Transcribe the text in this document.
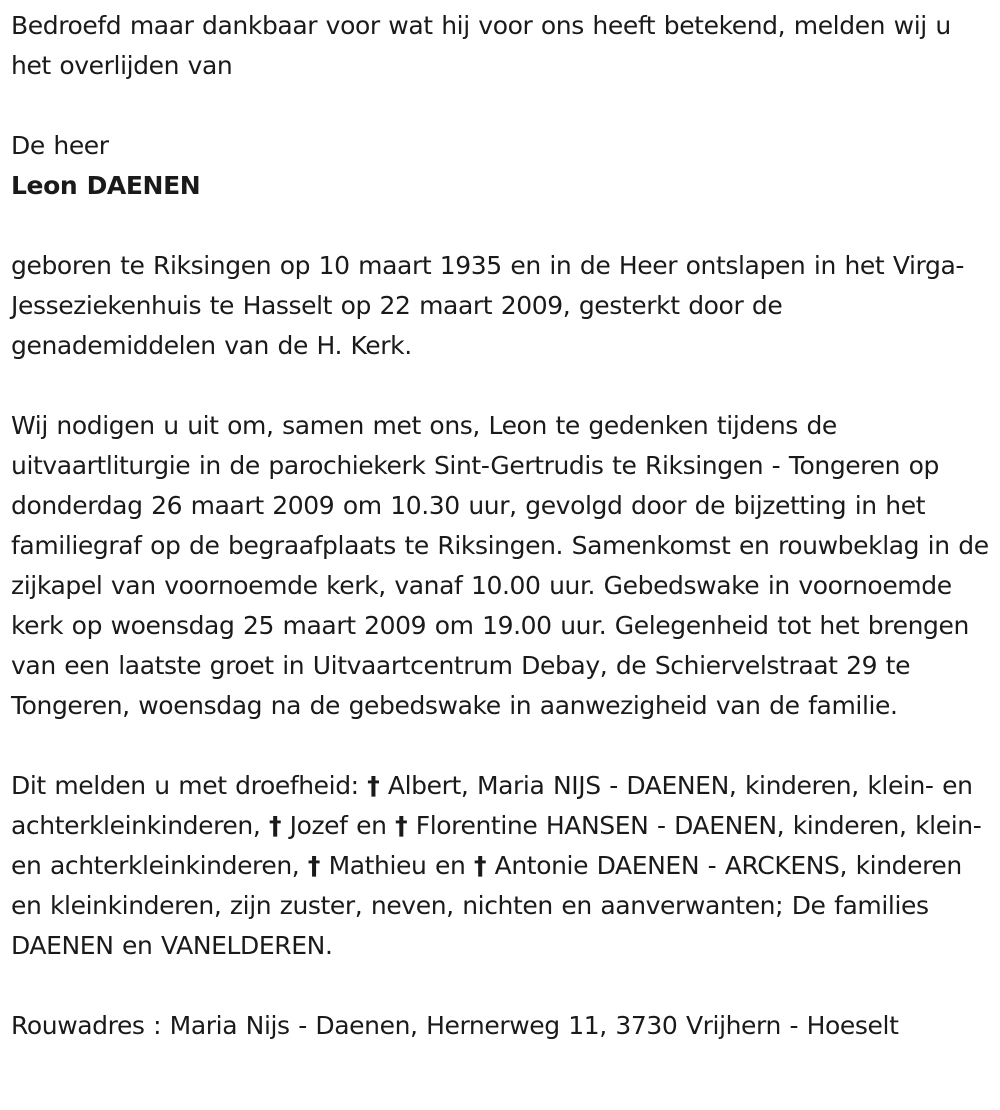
Bedroefd maar dankbaar voor wat hij voor ons heeft betekend, melden wij u het overlijden van

De heer

Leon DAENEN

geboren te Riksingen op 10 maart 1935 en in de Heer ontslapen in het Virga-Jesseziekenhuis te Hasselt op 22 maart 2009, gesterkt door de genademiddelen van de H. Kerk.

Wij nodigen u uit om, samen met ons, Leon te gedenken tijdens de uitvaartliturgie in de parochiekerk Sint-Gertrudis te Riksingen - Tongeren op donderdag 26 maart 2009 om 10.30 uur, gevolgd door de bijzetting in het familiegraf op de begraafplaats te Riksingen. Samenkomst en rouwbeklag in de zijkapel van voornoemde kerk, vanaf 10.00 uur. Gebedswake in voornoemde kerk op woensdag 25 maart 2009 om 19.00 uur. Gelegenheid tot het brengen van een laatste groet in Uitvaartcentrum Debay, de Schiervelstraat 29 te Tongeren, woensdag na de gebedswake in aanwezigheid van de familie.

Dit melden u met droefheid: † Albert, Maria NIJS - DAENEN, kinderen, klein- en achterkleinkinderen, † Jozef en † Florentine HANSEN - DAENEN, kinderen, klein- en achterkleinkinderen, † Mathieu en † Antonie DAENEN - ARCKENS, kinderen en kleinkinderen, zijn zuster, neven, nichten en aanverwanten; De families DAENEN en VANELDEREN.

Rouwadres : Maria Nijs - Daenen, Hernerweg 11, 3730 Vrijhern - Hoeselt
